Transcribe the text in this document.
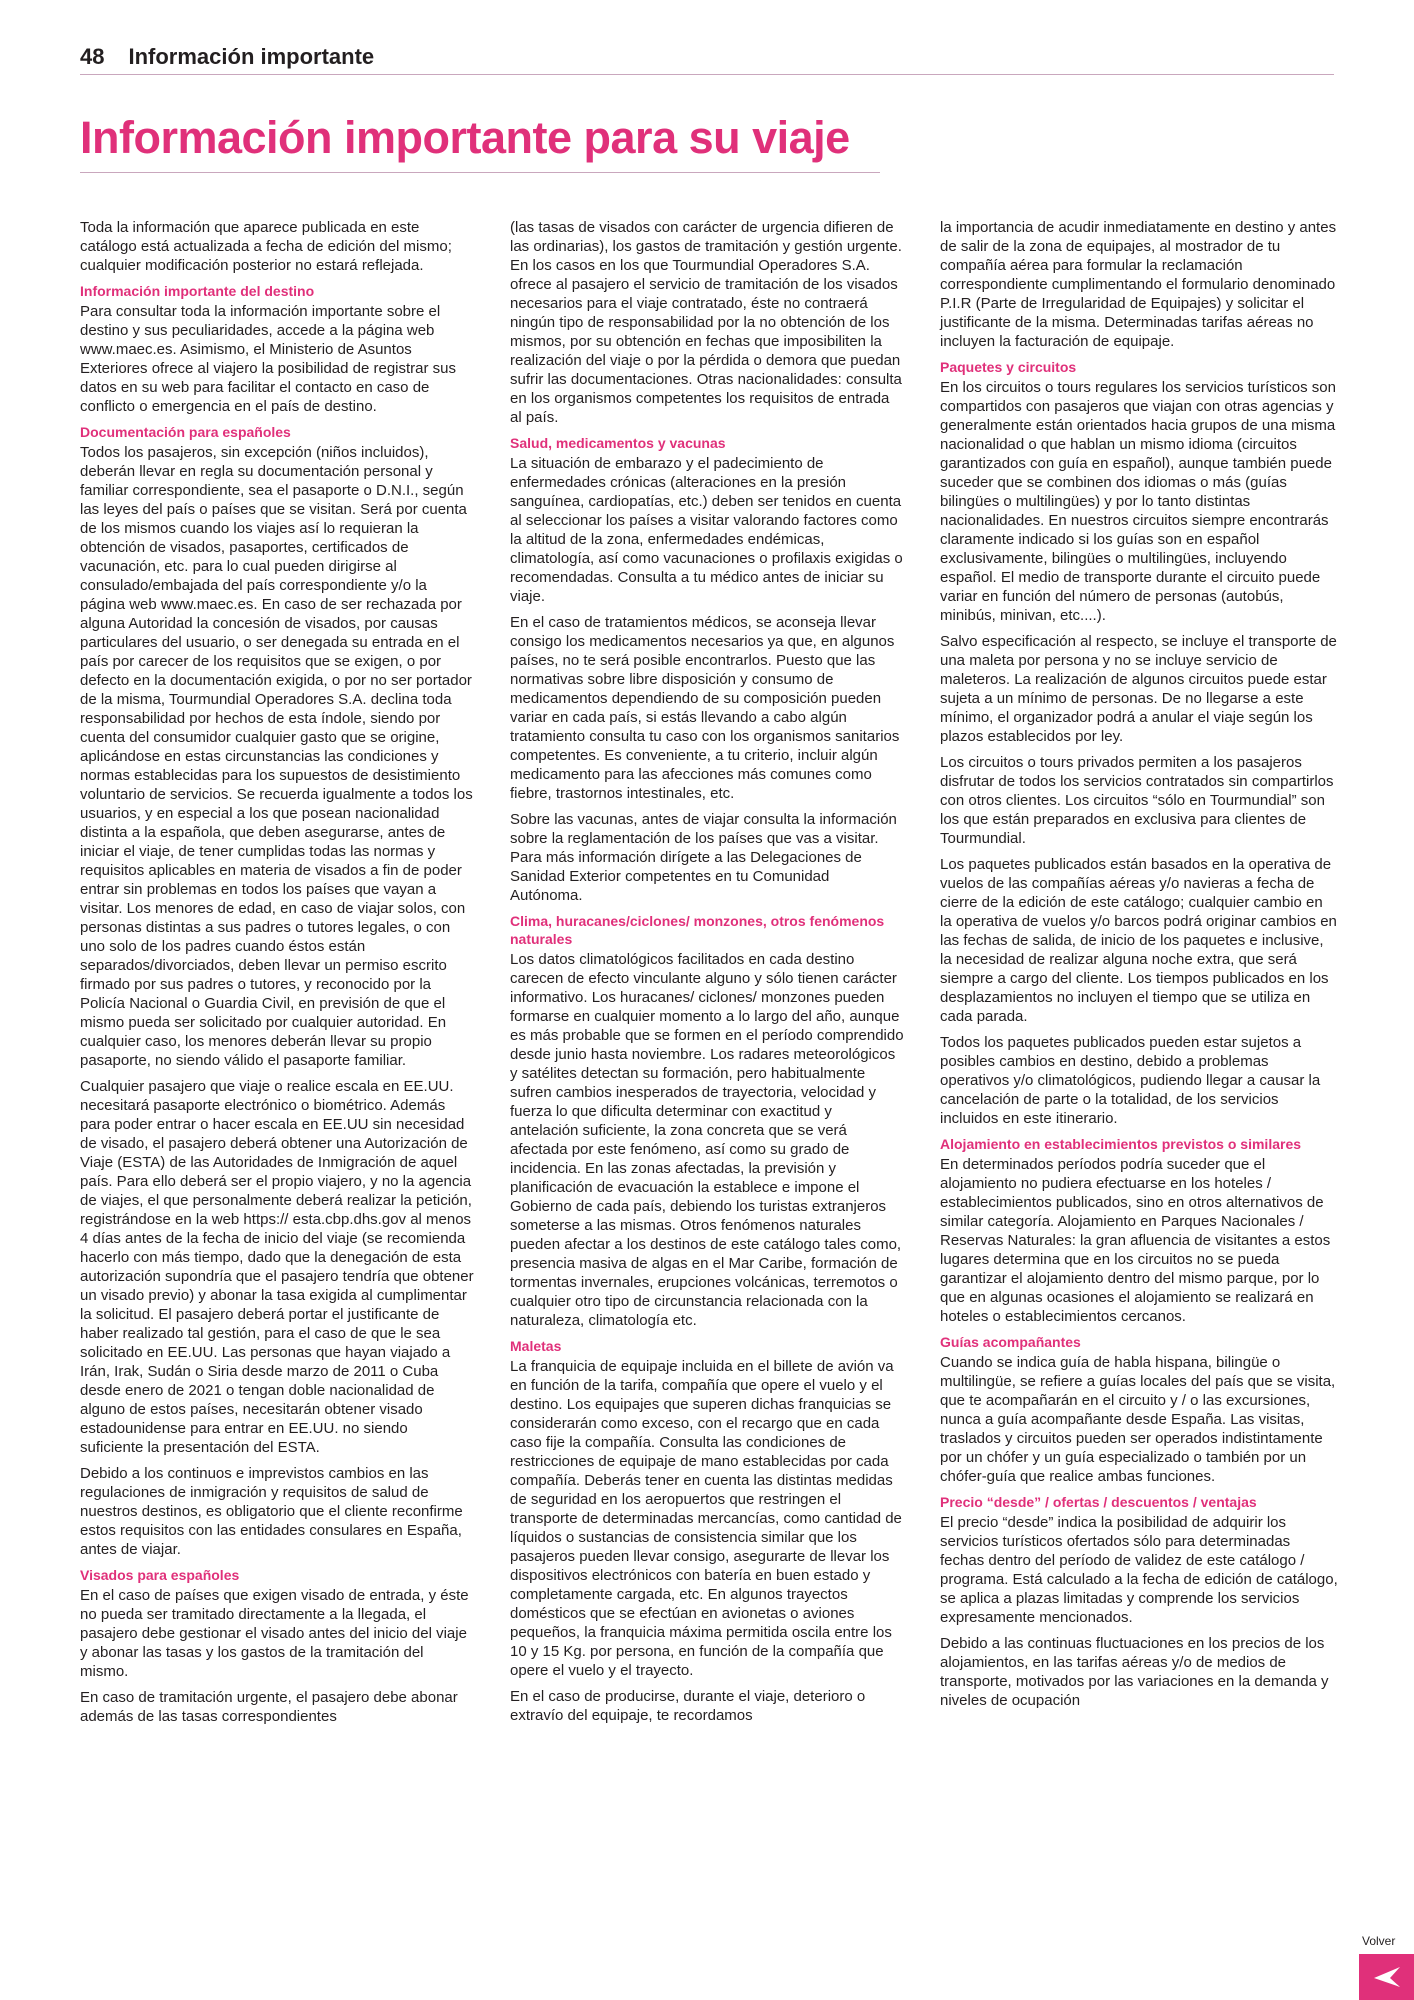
48 Información importante
Información importante para su viaje

Toda la información que aparece publicada en este catálogo está actualizada a fecha de edición del mismo; cualquier modificación posterior no estará reflejada.

Información importante del destino

Para consultar toda la información importante sobre el destino y sus peculiaridades, accede a la página web www.maec.es. Asimismo, el Ministerio de Asuntos Exteriores ofrece al viajero la posibilidad de registrar sus datos en su web para facilitar el contacto en caso de conflicto o emergencia en el país de destino.

Documentación para españoles

Todos los pasajeros, sin excepción (niños incluidos), deberán llevar en regla su documentación personal y familiar correspondiente, sea el pasaporte o D.N.I., según las leyes del país o países que se visitan. Será por cuenta de los mismos cuando los viajes así lo requieran la obtención de visados, pasaportes, certificados de vacunación, etc. para lo cual pueden dirigirse al consulado/embajada del país correspondiente y/o la página web www.maec.es. En caso de ser rechazada por alguna Autoridad la concesión de visados, por causas particulares del usuario, o ser denegada su entrada en el país por carecer de los requisitos que se exigen, o por defecto en la documentación exigida, o por no ser portador de la misma, Tourmundial Operadores S.A. declina toda responsabilidad por hechos de esta índole, siendo por cuenta del consumidor cualquier gasto que se origine, aplicándose en estas circunstancias las condiciones y normas establecidas para los supuestos de desistimiento voluntario de servicios. Se recuerda igualmente a todos los usuarios, y en especial a los que posean nacionalidad distinta a la española, que deben asegurarse, antes de iniciar el viaje, de tener cumplidas todas las normas y requisitos aplicables en materia de visados a fin de poder entrar sin problemas en todos los países que vayan a visitar. Los menores de edad, en caso de viajar solos, con personas distintas a sus padres o tutores legales, o con uno solo de los padres cuando éstos están separados/divorciados, deben llevar un permiso escrito firmado por sus padres o tutores, y reconocido por la Policía Nacional o Guardia Civil, en previsión de que el mismo pueda ser solicitado por cualquier autoridad. En cualquier caso, los menores deberán llevar su propio pasaporte, no siendo válido el pasaporte familiar.

Cualquier pasajero que viaje o realice escala en EE.UU. necesitará pasaporte electrónico o biométrico. Además para poder entrar o hacer escala en EE.UU sin necesidad de visado, el pasajero deberá obtener una Autorización de Viaje (ESTA) de las Autoridades de Inmigración de aquel país. Para ello deberá ser el propio viajero, y no la agencia de viajes, el que personalmente deberá realizar la petición, registrándose en la web https:// esta.cbp.dhs.gov al menos 4 días antes de la fecha de inicio del viaje (se recomienda hacerlo con más tiempo, dado que la denegación de esta autorización supondría que el pasajero tendría que obtener un visado previo) y abonar la tasa exigida al cumplimentar la solicitud. El pasajero deberá portar el justificante de haber realizado tal gestión, para el caso de que le sea solicitado en EE.UU. Las personas que hayan viajado a Irán, Irak, Sudán o Siria desde marzo de 2011 o Cuba desde enero de 2021 o tengan doble nacionalidad de alguno de estos países, necesitarán obtener visado estadounidense para entrar en EE.UU. no siendo suficiente la presentación del ESTA.

Debido a los continuos e imprevistos cambios en las regulaciones de inmigración y requisitos de salud de nuestros destinos, es obligatorio que el cliente reconfirme estos requisitos con las entidades consulares en España, antes de viajar.

Visados para españoles

En el caso de países que exigen visado de entrada, y éste no pueda ser tramitado directamente a la llegada, el pasajero debe gestionar el visado antes del inicio del viaje y abonar las tasas y los gastos de la tramitación del mismo.

En caso de tramitación urgente, el pasajero debe abonar además de las tasas correspondientes

(las tasas de visados con carácter de urgencia difieren de las ordinarias), los gastos de tramitación y gestión urgente. En los casos en los que Tourmundial Operadores S.A. ofrece al pasajero el servicio de tramitación de los visados necesarios para el viaje contratado, éste no contraerá ningún tipo de responsabilidad por la no obtención de los mismos, por su obtención en fechas que imposibiliten la realización del viaje o por la pérdida o demora que puedan sufrir las documentaciones. Otras nacionalidades: consulta en los organismos competentes los requisitos de entrada al país.

Salud, medicamentos y vacunas

La situación de embarazo y el padecimiento de enfermedades crónicas (alteraciones en la presión sanguínea, cardiopatías, etc.) deben ser tenidos en cuenta al seleccionar los países a visitar valorando factores como la altitud de la zona, enfermedades endémicas, climatología, así como vacunaciones o profilaxis exigidas o recomendadas. Consulta a tu médico antes de iniciar su viaje.

En el caso de tratamientos médicos, se aconseja llevar consigo los medicamentos necesarios ya que, en algunos países, no te será posible encontrarlos. Puesto que las normativas sobre libre disposición y consumo de medicamentos dependiendo de su composición pueden variar en cada país, si estás llevando a cabo algún tratamiento consulta tu caso con los organismos sanitarios competentes. Es conveniente, a tu criterio, incluir algún medicamento para las afecciones más comunes como fiebre, trastornos intestinales, etc.

Sobre las vacunas, antes de viajar consulta la información sobre la reglamentación de los países que vas a visitar. Para más información dirígete a las Delegaciones de Sanidad Exterior competentes en tu Comunidad Autónoma.

Clima, huracanes/ciclones/ monzones, otros fenómenos naturales

Los datos climatológicos facilitados en cada destino carecen de efecto vinculante alguno y sólo tienen carácter informativo. Los huracanes/ ciclones/ monzones pueden formarse en cualquier momento a lo largo del año, aunque es más probable que se formen en el período comprendido desde junio hasta noviembre. Los radares meteorológicos y satélites detectan su formación, pero habitualmente sufren cambios inesperados de trayectoria, velocidad y fuerza lo que dificulta determinar con exactitud y antelación suficiente, la zona concreta que se verá afectada por este fenómeno, así como su grado de incidencia. En las zonas afectadas, la previsión y planificación de evacuación la establece e impone el Gobierno de cada país, debiendo los turistas extranjeros someterse a las mismas. Otros fenómenos naturales pueden afectar a los destinos de este catálogo tales como, presencia masiva de algas en el Mar Caribe, formación de tormentas invernales, erupciones volcánicas, terremotos o cualquier otro tipo de circunstancia relacionada con la naturaleza, climatología etc.

Maletas

La franquicia de equipaje incluida en el billete de avión va en función de la tarifa, compañía que opere el vuelo y el destino. Los equipajes que superen dichas franquicias se considerarán como exceso, con el recargo que en cada caso fije la compañía. Consulta las condiciones de restricciones de equipaje de mano establecidas por cada compañía. Deberás tener en cuenta las distintas medidas de seguridad en los aeropuertos que restringen el transporte de determinadas mercancías, como cantidad de líquidos o sustancias de consistencia similar que los pasajeros pueden llevar consigo, asegurarte de llevar los dispositivos electrónicos con batería en buen estado y completamente cargada, etc. En algunos trayectos domésticos que se efectúan en avionetas o aviones pequeños, la franquicia máxima permitida oscila entre los 10 y 15 Kg. por persona, en función de la compañía que opere el vuelo y el trayecto.

En el caso de producirse, durante el viaje, deterioro o extravío del equipaje, te recordamos

la importancia de acudir inmediatamente en destino y antes de salir de la zona de equipajes, al mostrador de tu compañía aérea para formular la reclamación correspondiente cumplimentando el formulario denominado P.I.R (Parte de Irregularidad de Equipajes) y solicitar el justificante de la misma. Determinadas tarifas aéreas no incluyen la facturación de equipaje.

Paquetes y circuitos

En los circuitos o tours regulares los servicios turísticos son compartidos con pasajeros que viajan con otras agencias y generalmente están orientados hacia grupos de una misma nacionalidad o que hablan un mismo idioma (circuitos garantizados con guía en español), aunque también puede suceder que se combinen dos idiomas o más (guías bilingües o multilingües) y por lo tanto distintas nacionalidades. En nuestros circuitos siempre encontrarás claramente indicado si los guías son en español exclusivamente, bilingües o multilingües, incluyendo español. El medio de transporte durante el circuito puede variar en función del número de personas (autobús, minibús, minivan, etc....).

Salvo especificación al respecto, se incluye el transporte de una maleta por persona y no se incluye servicio de maleteros. La realización de algunos circuitos puede estar sujeta a un mínimo de personas. De no llegarse a este mínimo, el organizador podrá a anular el viaje según los plazos establecidos por ley.

Los circuitos o tours privados permiten a los pasajeros disfrutar de todos los servicios contratados sin compartirlos con otros clientes. Los circuitos “sólo en Tourmundial” son los que están preparados en exclusiva para clientes de Tourmundial.

Los paquetes publicados están basados en la operativa de vuelos de las compañías aéreas y/o navieras a fecha de cierre de la edición de este catálogo; cualquier cambio en la operativa de vuelos y/o barcos podrá originar cambios en las fechas de salida, de inicio de los paquetes e inclusive, la necesidad de realizar alguna noche extra, que será siempre a cargo del cliente. Los tiempos publicados en los desplazamientos no incluyen el tiempo que se utiliza en cada parada.

Todos los paquetes publicados pueden estar sujetos a posibles cambios en destino, debido a problemas operativos y/o climatológicos, pudiendo llegar a causar la cancelación de parte o la totalidad, de los servicios incluidos en este itinerario.

Alojamiento en establecimientos previstos o similares

En determinados períodos podría suceder que el alojamiento no pudiera efectuarse en los hoteles / establecimientos publicados, sino en otros alternativos de similar categoría. Alojamiento en Parques Nacionales / Reservas Naturales: la gran afluencia de visitantes a estos lugares determina que en los circuitos no se pueda garantizar el alojamiento dentro del mismo parque, por lo que en algunas ocasiones el alojamiento se realizará en hoteles o establecimientos cercanos.

Guías acompañantes

Cuando se indica guía de habla hispana, bilingüe o multilingüe, se refiere a guías locales del país que se visita, que te acompañarán en el circuito y / o las excursiones, nunca a guía acompañante desde España. Las visitas, traslados y circuitos pueden ser operados indistintamente por un chófer y un guía especializado o también por un chófer-guía que realice ambas funciones.

Precio “desde” / ofertas / descuentos / ventajas

El precio “desde” indica la posibilidad de adquirir los servicios turísticos ofertados sólo para determinadas fechas dentro del período de validez de este catálogo / programa. Está calculado a la fecha de edición de catálogo, se aplica a plazas limitadas y comprende los servicios expresamente mencionados.

Debido a las continuas fluctuaciones en los precios de los alojamientos, en las tarifas aéreas y/o de medios de transporte, motivados por las variaciones en la demanda y niveles de ocupación

Volver
